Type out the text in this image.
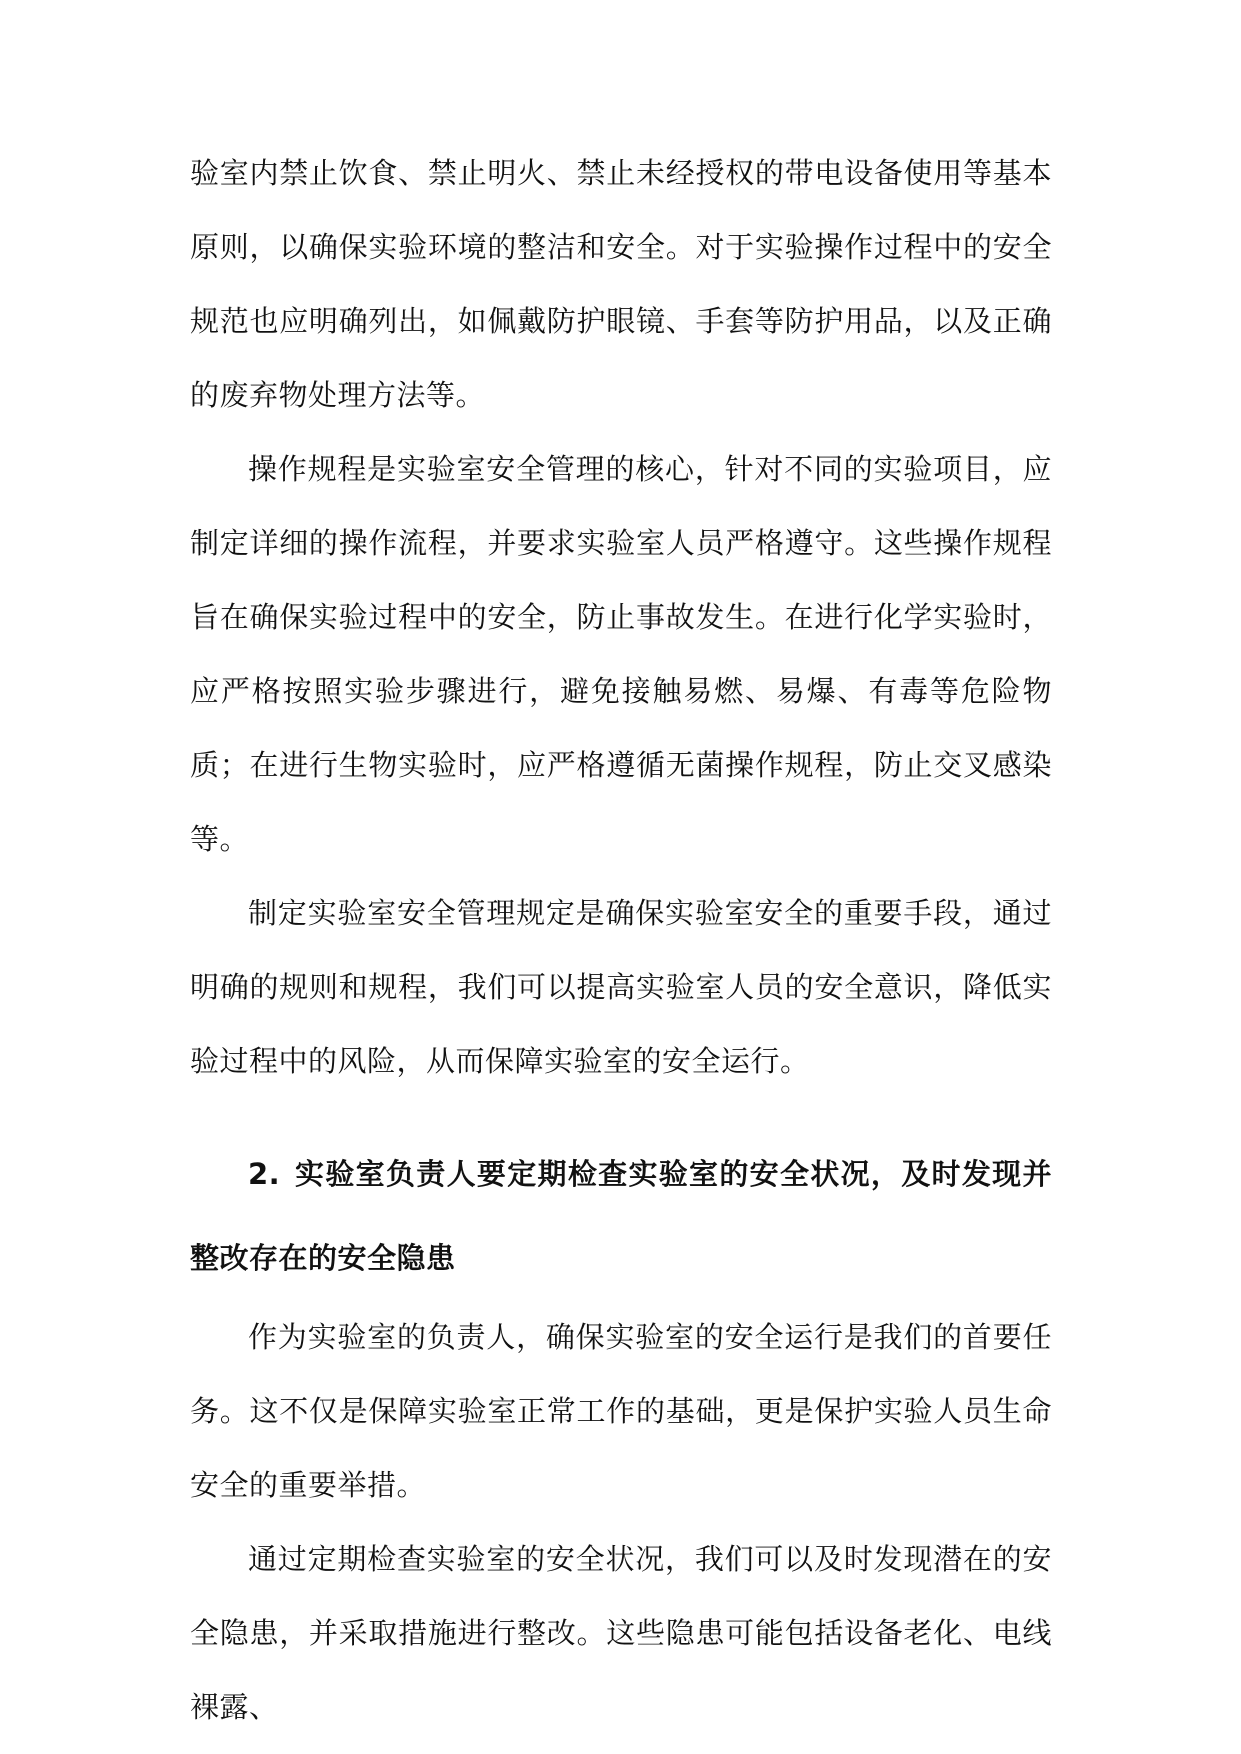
验室内禁止饮食、禁止明火、禁止未经授权的带电设备使用等基本原则，以确保实验环境的整洁和安全。对于实验操作过程中的安全规范也应明确列出，如佩戴防护眼镜、手套等防护用品，以及正确的废弃物处理方法等。

操作规程是实验室安全管理的核心，针对不同的实验项目，应制定详细的操作流程，并要求实验室人员严格遵守。这些操作规程旨在确保实验过程中的安全，防止事故发生。在进行化学实验时，应严格按照实验步骤进行，避免接触易燃、易爆、有毒等危险物质；在进行生物实验时，应严格遵循无菌操作规程，防止交叉感染等。

制定实验室安全管理规定是确保实验室安全的重要手段，通过明确的规则和规程，我们可以提高实验室人员的安全意识，降低实验过程中的风险，从而保障实验室的安全运行。

2. 实验室负责人要定期检查实验室的安全状况，及时发现并整改存在的安全隐患

作为实验室的负责人，确保实验室的安全运行是我们的首要任务。这不仅是保障实验室正常工作的基础，更是保护实验人员生命安全的重要举措。

通过定期检查实验室的安全状况，我们可以及时发现潜在的安全隐患，并采取措施进行整改。这些隐患可能包括设备老化、电线裸露、
